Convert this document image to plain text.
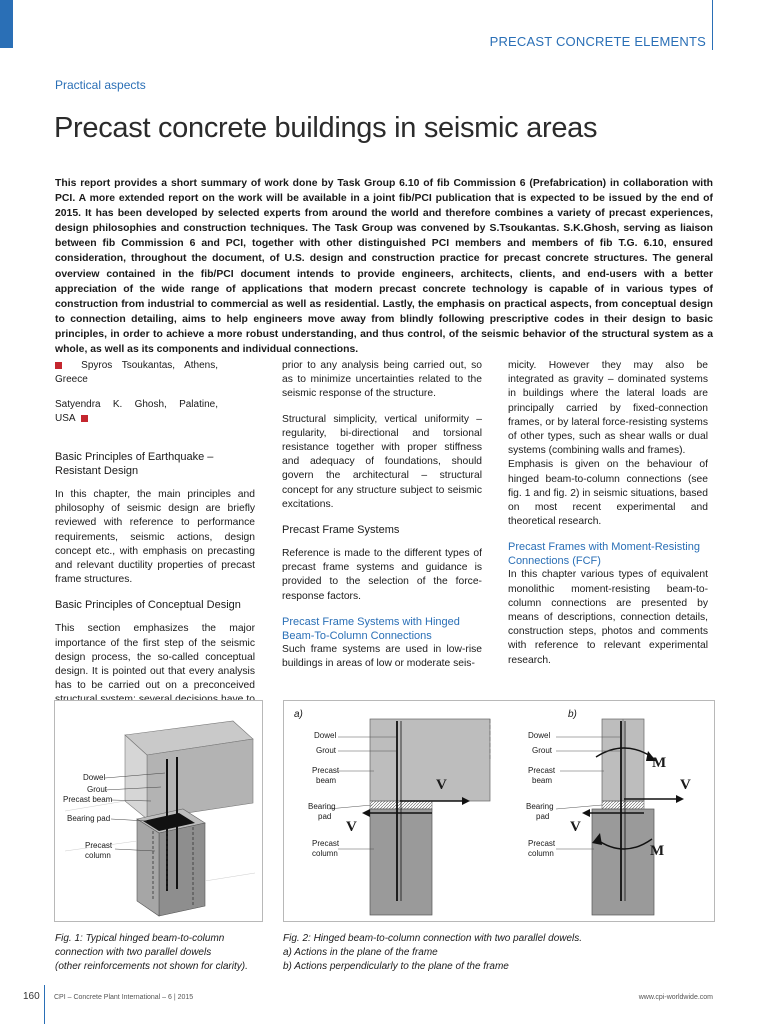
PRECAST CONCRETE ELEMENTS
Practical aspects
Precast concrete buildings in seismic areas

This report provides a short summary of work done by Task Group 6.10 of fib Commission 6 (Prefabrication) in collaboration with PCI. A more extended report on the work will be available in a joint fib/PCI publication that is expected to be issued by the end of 2015. It has been developed by selected experts from around the world and therefore combines a variety of precast experiences, design philosophies and construction techniques. The Task Group was convened by S.Tsoukantas. S.K.Ghosh, serving as liaison between fib Commission 6 and PCI, together with other distinguished PCI members and members of fib T.G. 6.10, ensured consideration, throughout the document, of U.S. design and construction practice for precast concrete structures. The general overview contained in the fib/PCI document intends to provide engineers, architects, clients, and end-users with a better appreciation of the wide range of applications that modern precast concrete technology is capable of in various types of construction from industrial to commercial as well as residential. Lastly, the emphasis on practical aspects, from conceptual design to connection detailing, aims to help engineers move away from blindly following prescriptive codes in their design to basic principles, in order to achieve a more robust understanding, and thus control, of the seismic behavior of the structural system as a whole, as well as its components and individual connections.

Spyros Tsoukantas, Athens, Greece

Satyendra K. Ghosh, Palatine, USA

Basic Principles of Earthquake – Resistant Design

In this chapter, the main principles and philosophy of seismic design are briefly reviewed with reference to performance requirements, seismic actions, design concept etc., with emphasis on precasting and relevant ductility properties of precast frame structures.

Basic Principles of Conceptual Design

This section emphasizes the major importance of the first step of the seismic design process, the so-called conceptual design. It is pointed out that every analysis has to be carried out on a preconceived

prior to any analysis being carried out, so as to minimize uncertainties related to the seismic response of the structure.

Structural simplicity, vertical uniformity – regularity, bi-directional and torsional resistance together with proper stiffness and adequacy of foundations, should govern the architectural – structural concept for any structure subject to seismic excitations.

Precast Frame Systems

Reference is made to the different types of precast frame systems and guidance is provided to the selection of the force-response factors.

Precast Frame Systems with Hinged Beam-To-Column Connections

Such frame systems are used in low-rise buildings in areas of low or moderate seis-

micity. However they may also be integrated as gravity – dominated systems in buildings where the lateral loads are principally carried by fixed-connection frames, or by lateral force-resisting systems of other types, such as shear walls or dual systems (combining walls and frames).

Emphasis is given on the behaviour of hinged beam-to-column connections (see fig. 1 and fig. 2) in seismic situations, based on most recent experimental and theoretical research.

Precast Frames with Moment-Resisting Connections (FCF)

In this chapter various types of equivalent monolithic moment-resisting beam-to-column connections are presented by means of descriptions, connection details, construction steps, photos and comments with reference to relevant experimental research.

Dowel
Grout
Precast beam
Bearing pad
Precast
column
Fig. 1: Typical hinged beam-to-column
connection with two parallel dowels
(other reinforcements not shown for clarity).
a)	b)
Dowel
Grout
Precast
beam
Bearing
pad
Precast
column
V
V
Dowel
Grout
Precast
beam
Bearing
pad
Precast
column
V
V
M
M
Fig. 2: Hinged beam-to-column connection with two parallel dowels.
a) Actions in the plane of the frame
b) Actions perpendicularly to the plane of the frame
160 CPI – Concrete Plant International – 6 | 2015	www.cpi-worldwide.com
